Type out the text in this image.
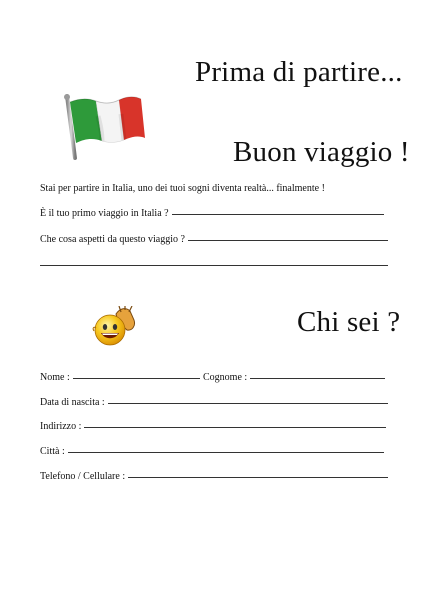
Prima di partire...
Buon viaggio !
Stai per partire in Italia, uno dei tuoi sogni diventa realtà... finalmente !
È il tuo primo viaggio in Italia ?
Che cosa aspetti da questo viaggio ?
Chi sei ?
Nome :	Cognome :
Data di nascita :
Indirizzo :
Città :
Telefono / Cellulare :
